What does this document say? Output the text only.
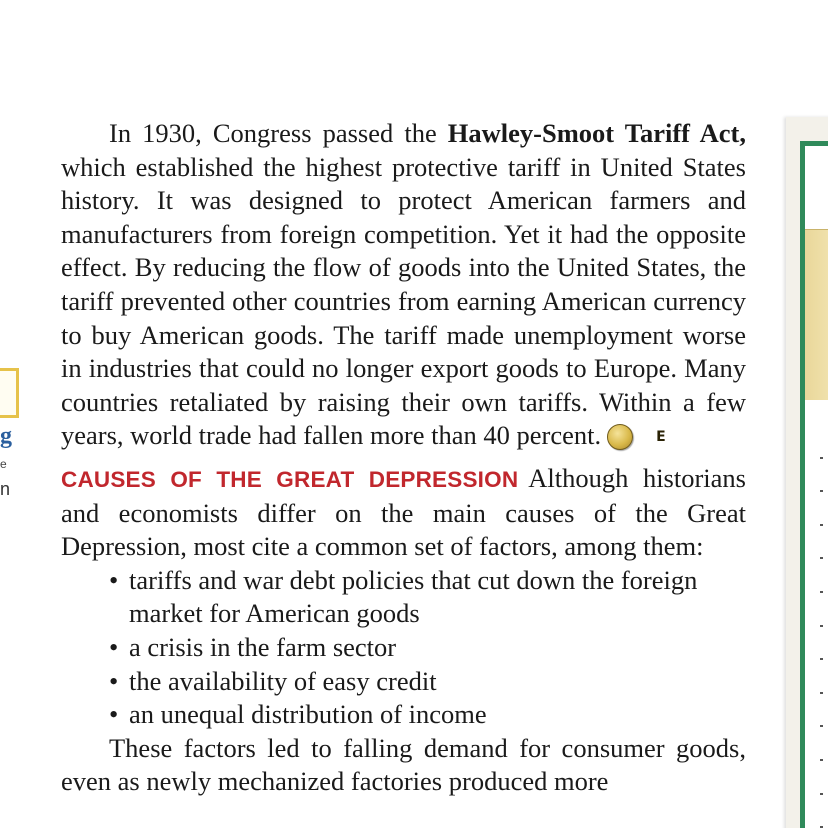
g
e
n

In 1930, Congress passed the Hawley-Smoot Tariff Act, which established the highest protective tariff in United States history. It was designed to protect American farmers and manufacturers from foreign competition. Yet it had the opposite effect. By reducing the flow of goods into the United States, the tariff prevented other countries from earning American currency to buy American goods. The tariff made unemployment worse in industries that could no longer export goods to Europe. Many countries retaliated by raising their own tariffs. Within a few years, world trade had fallen more than 40 percent.	E

CAUSES OF THE GREAT DEPRESSION Although historians and economists differ on the main causes of the Great Depression, most cite a common set of factors, among them:

• tariffs and war debt policies that cut down the foreign market for American goods
• a crisis in the farm sector
• the availability of easy credit
• an unequal distribution of income

These factors led to falling demand for consumer goods, even as newly mechanized factories produced more
